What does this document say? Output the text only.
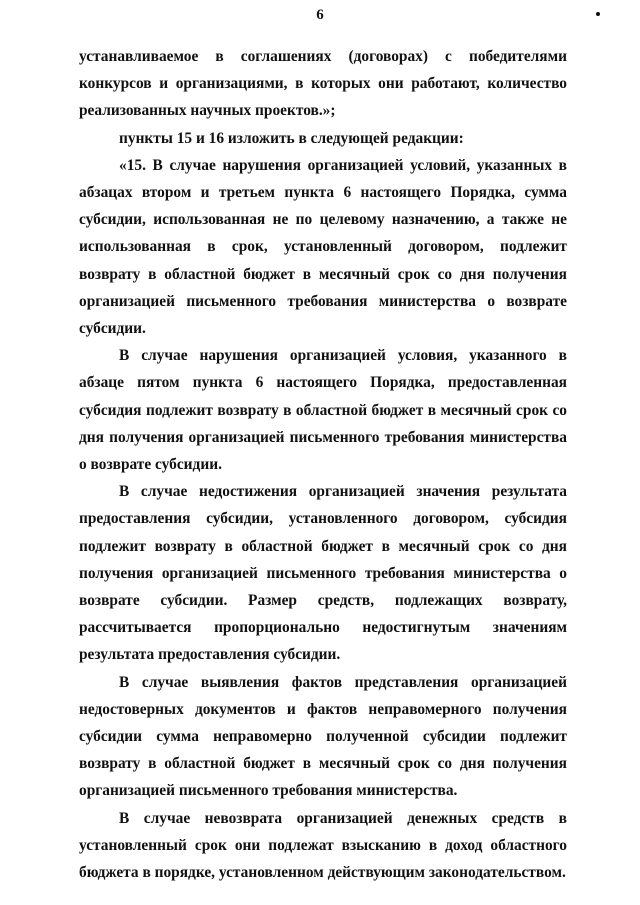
6

устанавливаемое в соглашениях (договорах) с победителями конкурсов и организациями, в которых они работают, количество реализованных научных проектов.»;

пункты 15 и 16 изложить в следующей редакции:

«15. В случае нарушения организацией условий, указанных в абзацах втором и третьем пункта 6 настоящего Порядка, сумма субсидии, использованная не по целевому назначению, а также не использованная в срок, установленный договором, подлежит возврату в областной бюджет в месячный срок со дня получения организацией письменного требования министерства о возврате субсидии.

В случае нарушения организацией условия, указанного в абзаце пятом пункта 6 настоящего Порядка, предоставленная субсидия подлежит возврату в областной бюджет в месячный срок со дня получения организацией письменного требования министерства о возврате субсидии.

В случае недостижения организацией значения результата предоставления субсидии, установленного договором, субсидия подлежит возврату в областной бюджет в месячный срок со дня получения организацией письменного требования министерства о возврате субсидии. Размер средств, подлежащих возврату, рассчитывается пропорционально недостигнутым значениям результата предоставления субсидии.

В случае выявления фактов представления организацией недостоверных документов и фактов неправомерного получения субсидии сумма неправомерно полученной субсидии подлежит возврату в областной бюджет в месячный срок со дня получения организацией письменного требования министерства.

В случае невозврата организацией денежных средств в установленный срок они подлежат взысканию в доход областного бюджета в порядке, установленном действующим законодательством.
